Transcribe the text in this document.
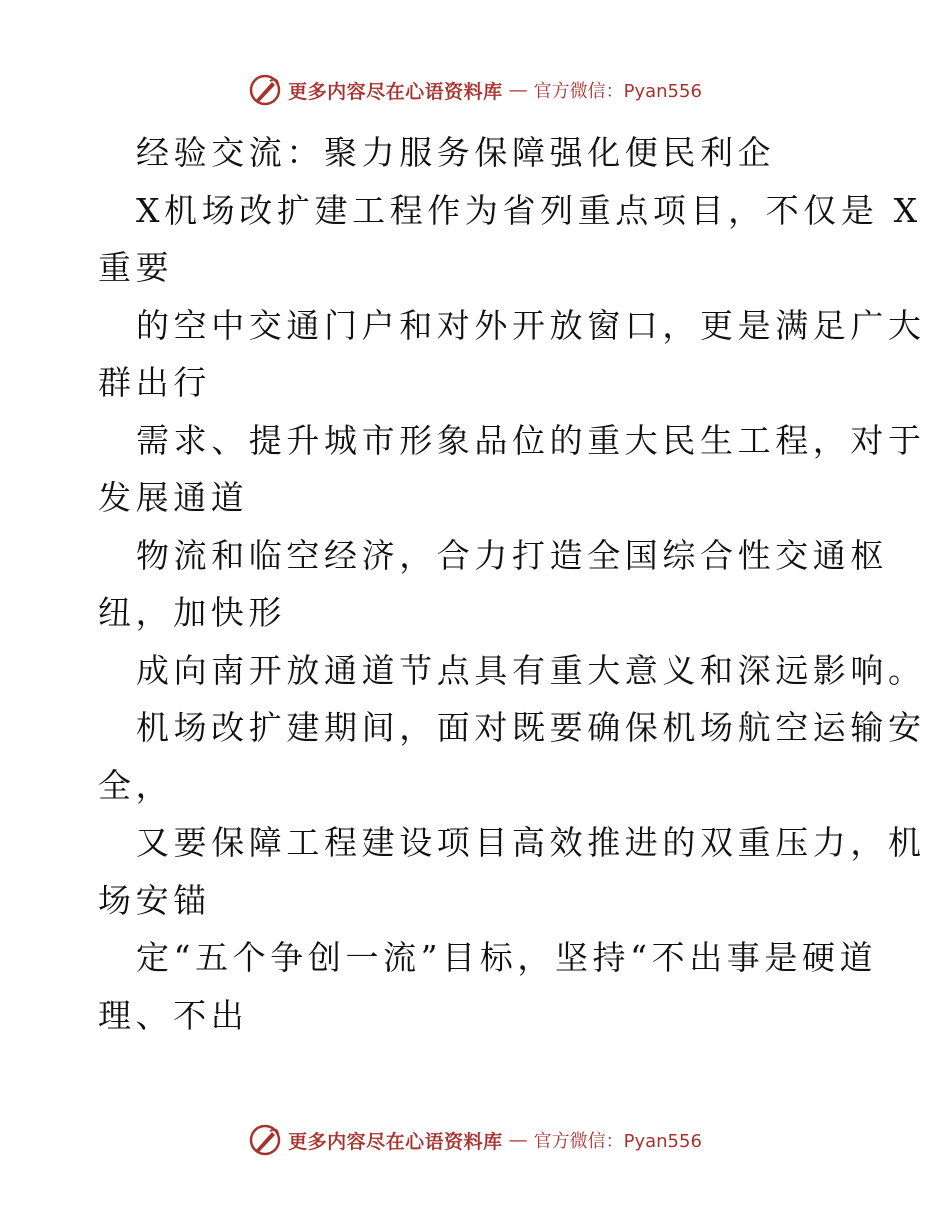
更多内容尽在心语资料库 — 官方微信：Pyan556
经验交流：聚力服务保障强化便民利企
X机场改扩建工程作为省列重点项目，不仅是 X
重要
的空中交通门户和对外开放窗口，更是满足广大
群出行
需求、提升城市形象品位的重大民生工程，对于
发展通道
物流和临空经济，合力打造全国综合性交通枢
纽，加快形
成向南开放通道节点具有重大意义和深远影响。
机场改扩建期间，面对既要确保机场航空运输安
全，
又要保障工程建设项目高效推进的双重压力，机
场安锚
定“五个争创一流”目标，坚持“不出事是硬道
理、不出
更多内容尽在心语资料库 — 官方微信：Pyan556
